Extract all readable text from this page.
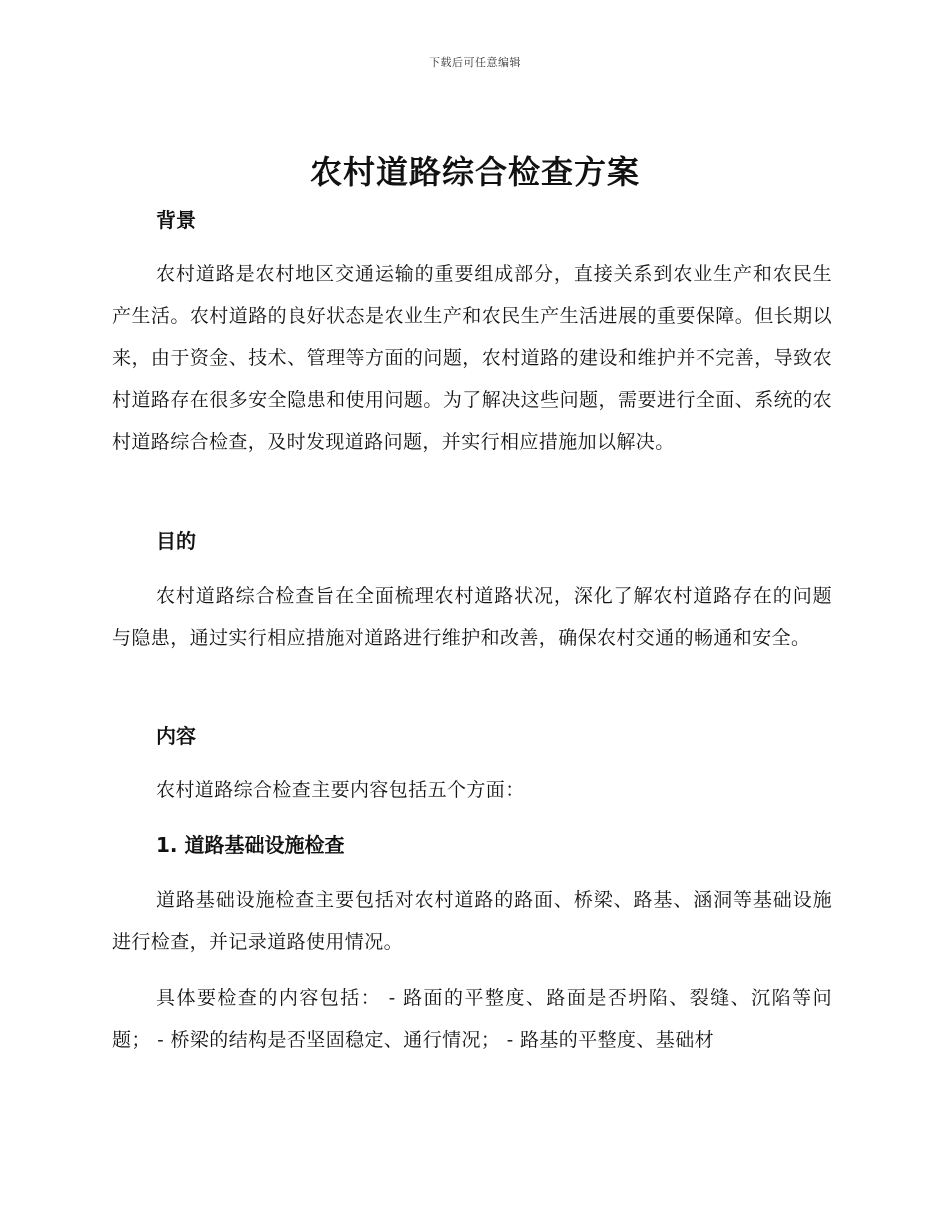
下载后可任意编辑
农村道路综合检查方案
背景

农村道路是农村地区交通运输的重要组成部分，直接关系到农业生产和农民生产生活。农村道路的良好状态是农业生产和农民生产生活进展的重要保障。但长期以来，由于资金、技术、管理等方面的问题，农村道路的建设和维护并不完善，导致农村道路存在很多安全隐患和使用问题。为了解决这些问题，需要进行全面、系统的农村道路综合检查，及时发现道路问题，并实行相应措施加以解决。

目的

农村道路综合检查旨在全面梳理农村道路状况，深化了解农村道路存在的问题与隐患，通过实行相应措施对道路进行维护和改善，确保农村交通的畅通和安全。

内容

农村道路综合检查主要内容包括五个方面：

1. 道路基础设施检查

道路基础设施检查主要包括对农村道路的路面、桥梁、路基、涵洞等基础设施进行检查，并记录道路使用情况。

具体要检查的内容包括： - 路面的平整度、路面是否坍陷、裂缝、沉陷等问题； - 桥梁的结构是否坚固稳定、通行情况； - 路基的平整度、基础材
